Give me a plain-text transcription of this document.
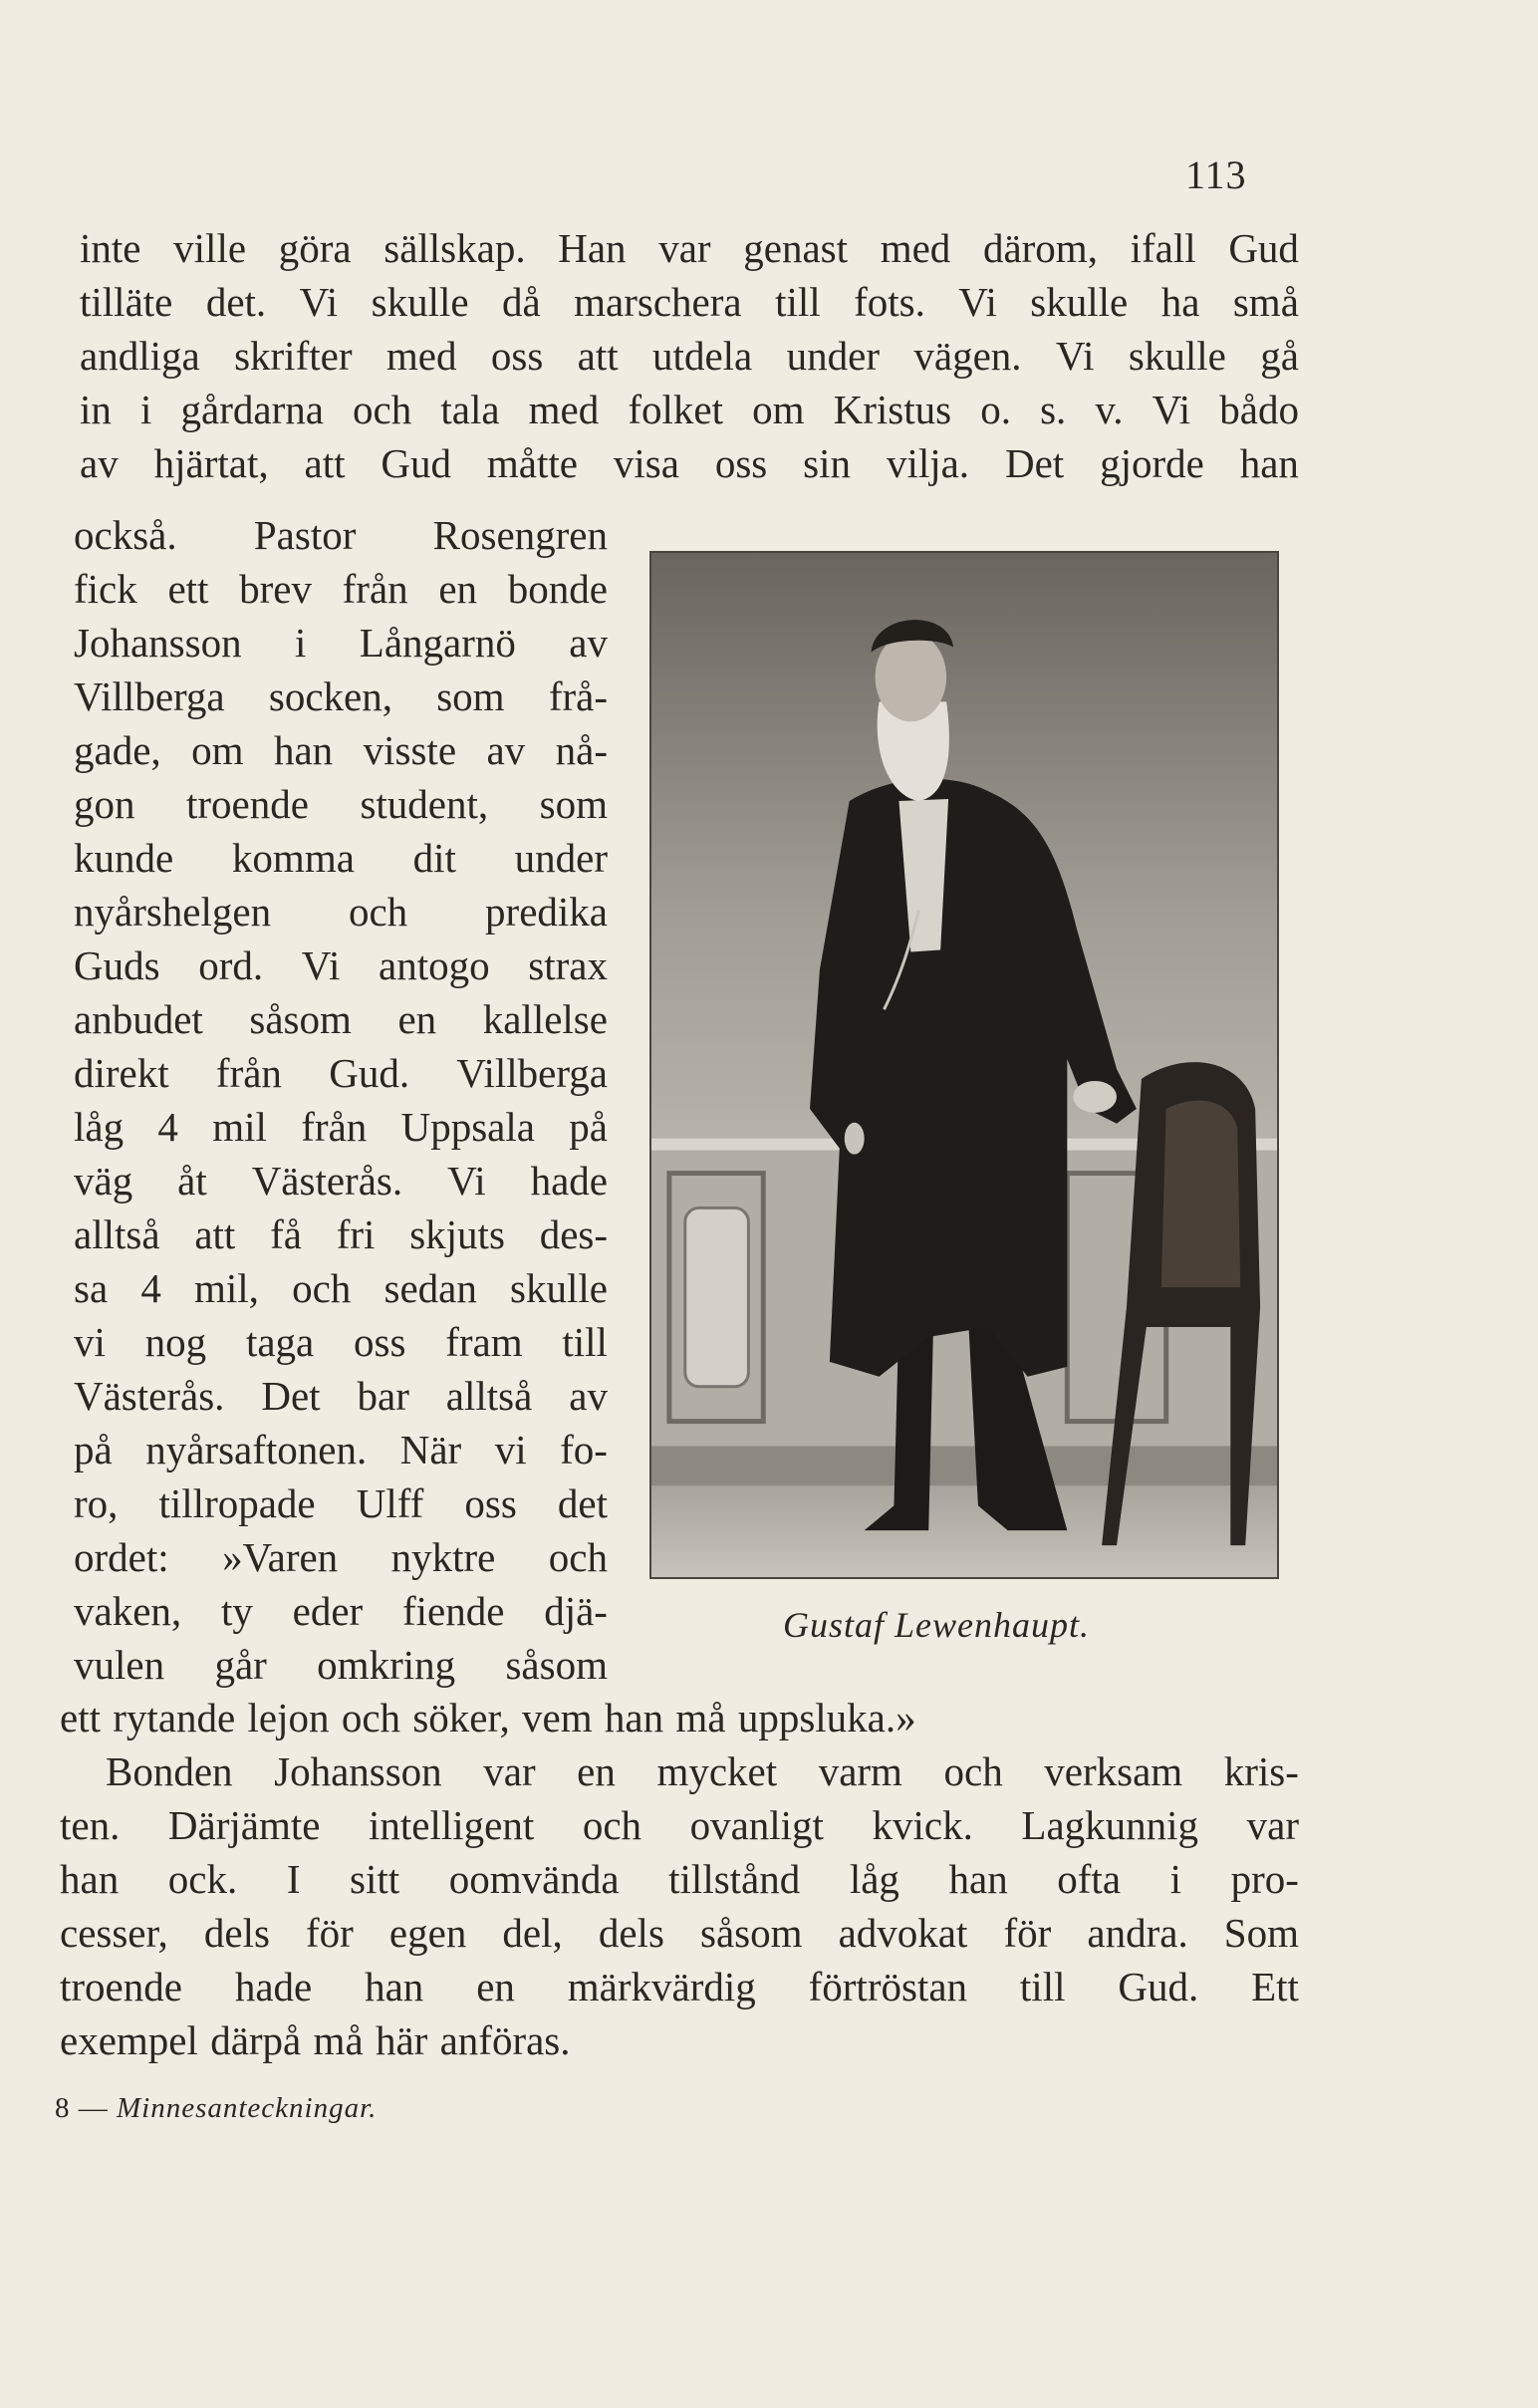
113
inte ville göra sällskap. Han var genast med därom, ifall Gud
tilläte det. Vi skulle då marschera till fots. Vi skulle ha små
andliga skrifter med oss att utdela under vägen. Vi skulle gå
in i gårdarna och tala med folket om Kristus o. s. v. Vi bådo
av hjärtat, att Gud måtte visa oss sin vilja. Det gjorde han
också. Pastor Rosengren
fick ett brev från en bonde
Johansson i Långarnö av
Villberga socken, som frå-
gade, om han visste av nå-
gon troende student, som
kunde komma dit under
nyårshelgen och predika
Guds ord. Vi antogo strax
anbudet såsom en kallelse
direkt från Gud. Villberga
låg 4 mil från Uppsala på
väg åt Västerås. Vi hade
alltså att få fri skjuts des-
sa 4 mil, och sedan skulle
vi nog taga oss fram till
Västerås. Det bar alltså av
på nyårsaftonen. När vi fo-
ro, tillropade Ulff oss det
ordet: »Varen nyktre och
vaken, ty eder fiende djä-
vulen går omkring såsom
Gustaf Lewenhaupt.
ett rytande lejon och söker, vem han må uppsluka.»
Bonden Johansson var en mycket varm och verksam kris-
ten. Därjämte intelligent och ovanligt kvick. Lagkunnig var
han ock. I sitt oomvända tillstånd låg han ofta i pro-
cesser, dels för egen del, dels såsom advokat för andra. Som
troende hade han en märkvärdig förtröstan till Gud. Ett
exempel därpå må här anföras.
8 — Minnesanteckningar.
